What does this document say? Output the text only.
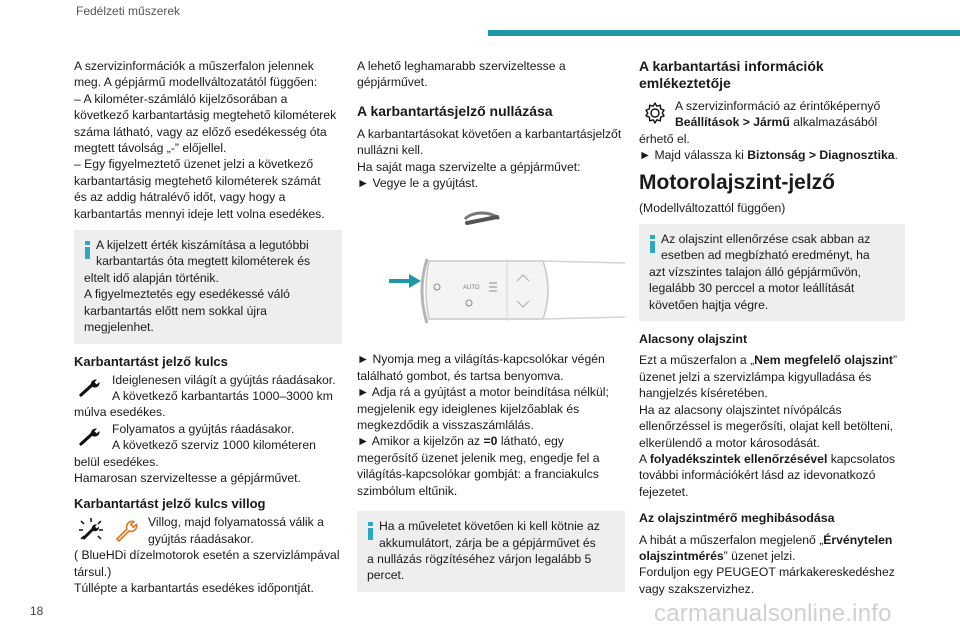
Fedélzeti műszerek

A szervizinformációk a műszerfalon jelennek

meg. A gépjármű modellváltozatától függően:

– A kilométer-számláló kijelzősorában a

következő karbantartásig megtehető kilométerek

száma látható, vagy az előző esedékesség óta

megtett távolság „-” előjellel.

– Egy figyelmeztető üzenet jelzi a következő

karbantartásig megtehető kilométerek számát

és az addig hátralévő időt, vagy hogy a

karbantartás mennyi ideje lett volna esedékes.

A kijelzett érték kiszámítása a legutóbbi

karbantartás óta megtett kilométerek és

eltelt idő alapján történik.

A figyelmeztetés egy esedékessé váló

karbantartás előtt nem sokkal újra

megjelenhet.

Karbantartást jelző kulcs

Ideiglenesen világít a gyújtás ráadásakor.

A következő karbantartás 1000–3000 km

múlva esedékes.

Folyamatos a gyújtás ráadásakor.

A következő szerviz 1000 kilométeren

belül esedékes.

Hamarosan szervizeltesse a gépjárművet.

Karbantartást jelző kulcs villog

Villog, majd folyamatossá válik a

gyújtás ráadásakor.

( BlueHDi dízelmotorok esetén a szervizlámpával

társul.)

Túllépte a karbantartás esedékes időpontját.

A lehető leghamarabb szervizeltesse a

gépjárművet.

A karbantartásjelző nullázása

A karbantartásokat követően a karbantartásjelzőt

nullázni kell.

Ha saját maga szervizelte a gépjárművet:

► Vegye le a gyújtást.

AUTO

► Nyomja meg a világítás-kapcsolókar végén

található gombot, és tartsa benyomva.

► Adja rá a gyújtást a motor beindítása nélkül;

megjelenik egy ideiglenes kijelzőablak és

megkezdődik a visszaszámlálás.

► Amikor a kijelzőn az =0 látható, egy

megerősítő üzenet jelenik meg, engedje fel a

világítás-kapcsolókar gombját: a franciakulcs

szimbólum eltűnik.

Ha a műveletet követően ki kell kötnie az

akkumulátort, zárja be a gépjárművet és

a nullázás rögzítéséhez várjon legalább 5

percet.

A karbantartási információk
emlékeztetője

A szervizinformáció az érintőképernyő

Beállítások > Jármű alkalmazásából

érhető el.

► Majd válassza ki Biztonság > Diagnosztika.

Motorolajszint-jelző

(Modellváltozattól függően)

Az olajszint ellenőrzése csak abban az

esetben ad megbízható eredményt, ha

azt vízszintes talajon álló gépjárművön,

legalább 30 perccel a motor leállítását

követően hajtja végre.

Alacsony olajszint

Ezt a műszerfalon a „Nem megfelelő olajszint”

üzenet jelzi a szervizlámpa kigyulladása és

hangjelzés kíséretében.

Ha az alacsony olajszintet nívópálcás

ellenőrzéssel is megerősíti, olajat kell betölteni,

elkerülendő a motor károsodását.

A folyadékszintek ellenőrzésével kapcsolatos

további információkért lásd az idevonatkozó

fejezetet.

Az olajszintmérő meghibásodása

A hibát a műszerfalon megjelenő „Érvénytelen

olajszintmérés” üzenet jelzi.

Forduljon egy PEUGEOT márkakereskedéshez

vagy szakszervizhez.

18	carmanualsonline.info
